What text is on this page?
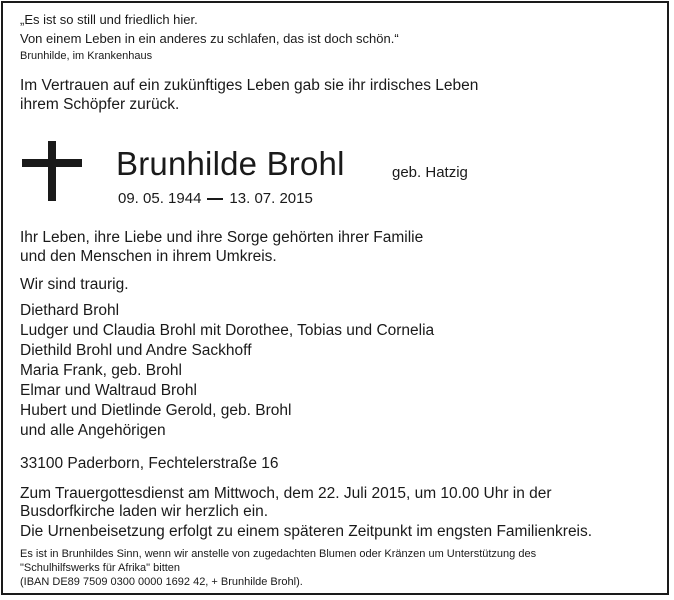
„Es ist so still und friedlich hier.
Von einem Leben in ein anderes zu schlafen, das ist doch schön.“
Brunhilde, im Krankenhaus
Im Vertrauen auf ein zukünftiges Leben gab sie ihr irdisches Leben
ihrem Schöpfer zurück.
Brunhilde Brohl	geb. Hatzig
09. 05. 1944 13. 07. 2015
Ihr Leben, ihre Liebe und ihre Sorge gehörten ihrer Familie
und den Menschen in ihrem Umkreis.
Wir sind traurig.
Diethard Brohl
Ludger und Claudia Brohl mit Dorothee, Tobias und Cornelia
Diethild Brohl und Andre Sackhoff
Maria Frank, geb. Brohl
Elmar und Waltraud Brohl
Hubert und Dietlinde Gerold, geb. Brohl
und alle Angehörigen
33100 Paderborn, Fechtelerstraße 16
Zum Trauergottesdienst am Mittwoch, dem 22. Juli 2015, um 10.00 Uhr in der
Busdorfkirche laden wir herzlich ein.
Die Urnenbeisetzung erfolgt zu einem späteren Zeitpunkt im engsten Familienkreis.
Es ist in Brunhildes Sinn, wenn wir anstelle von zugedachten Blumen oder Kränzen um Unterstützung des
"Schulhilfswerks für Afrika" bitten
(IBAN DE89 7509 0300 0000 1692 42, + Brunhilde Brohl).
